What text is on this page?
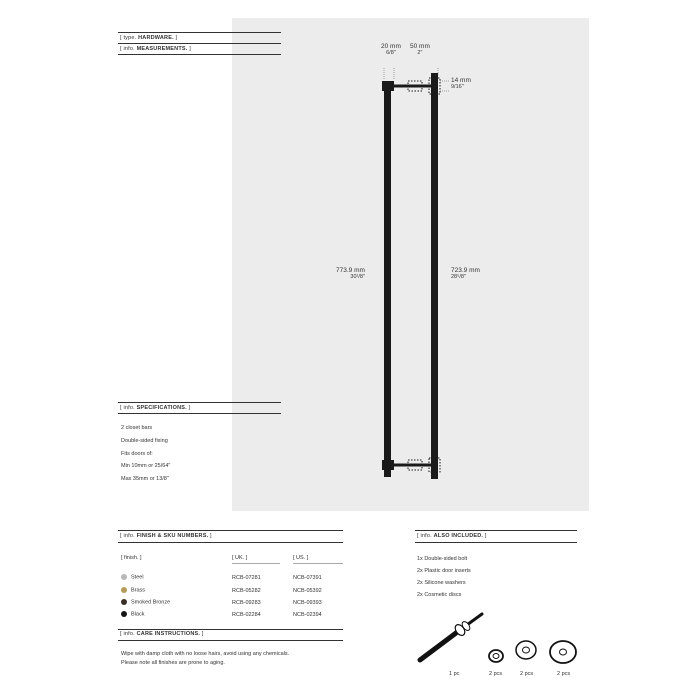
20 mm
6/8"
50 mm
2"
14 mm
9/16"
773.9 mm
30¹/8"
723.9 mm
28⁵/8"
[ type. HARDWARE. ]
[ info. MEASUREMENTS. ]
[ info. SPECIFICATIONS. ]
2 closet bars
Double-sided fixing
Fits doors of:
Min 10mm or 25/64"
Max 35mm or 13/8"
[ info. FINISH & SKU NUMBERS. ]
[ finish. ]	[ UK. ]	[ US. ]
Steel	RCB-07281	NCB-07391
Brass	RCB-05282	NCB-05392
Smoked Bronze	RCB-09283	NCB-09393
Black	RCB-02284	NCB-02394
[ info. CARE INSTRUCTIONS. ]
Wipe with damp cloth with no loose hairs, avoid using any chemicals.
Please note all finishes are prone to aging.
[ info. ALSO INCLUDED. ]
1x Double-sided bolt
2x Plastic door inserts
2x Silicone washers
2x Cosmetic discs
1 pc	2 pcs	2 pcs	2 pcs
